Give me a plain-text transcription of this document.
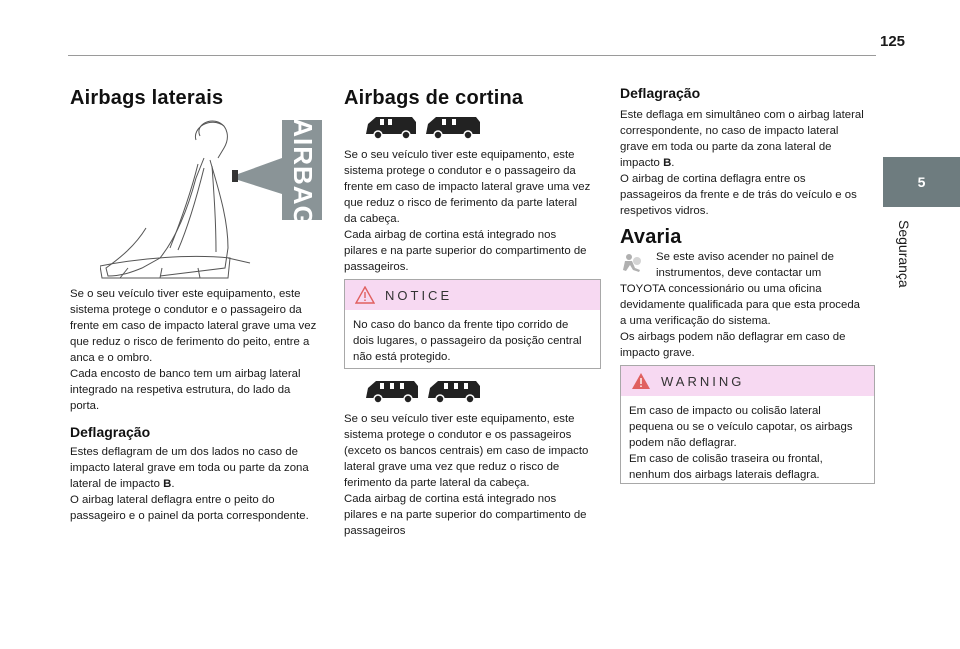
125
5
Segurança
Airbags laterais
AIRBAG

Se o seu veículo tiver este equipamento, este
sistema protege o condutor e o passageiro da
frente em caso de impacto lateral grave uma vez
que reduz o risco de ferimento do peito, entre a
anca e o ombro.
Cada encosto de banco tem um airbag lateral
integrado na respetiva estrutura, do lado da
porta.

Deflagração

Estes deflagram de um dos lados no caso de
impacto lateral grave em toda ou parte da zona
lateral de impacto B.
O airbag lateral deflagra entre o peito do
passageiro e o painel da porta correspondente.

Airbags de cortina

Se o seu veículo tiver este equipamento, este
sistema protege o condutor e o passageiro da
frente em caso de impacto lateral grave uma vez
que reduz o risco de ferimento da parte lateral
da cabeça.
Cada airbag de cortina está integrado nos
pilares e na parte superior do compartimento de
passageiros.

NOTICE
No caso do banco da frente tipo corrido de
dois lugares, o passageiro da posição central
não está protegido.

Se o seu veículo tiver este equipamento, este
sistema protege o condutor e os passageiros
(exceto os bancos centrais) em caso de impacto
lateral grave uma vez que reduz o risco de
ferimento da parte lateral da cabeça.
Cada airbag de cortina está integrado nos
pilares e na parte superior do compartimento de
passageiros

Deflagração

Este deflaga em simultâneo com o airbag lateral
correspondente, no caso de impacto lateral
grave em toda ou parte da zona lateral de
impacto B.
O airbag de cortina deflagra entre os
passageiros da frente e de trás do veículo e os
respetivos vidros.

Avaria

Se este aviso acender no painel de
instrumentos, deve contactar um
TOYOTA concessionário ou uma oficina
devidamente qualificada para que esta proceda
a uma verificação do sistema.
Os airbags podem não deflagrar em caso de
impacto grave.

WARNING
Em caso de impacto ou colisão lateral
pequena ou se o veículo capotar, os airbags
podem não deflagrar.
Em caso de colisão traseira ou frontal,
nenhum dos airbags laterais deflagra.
